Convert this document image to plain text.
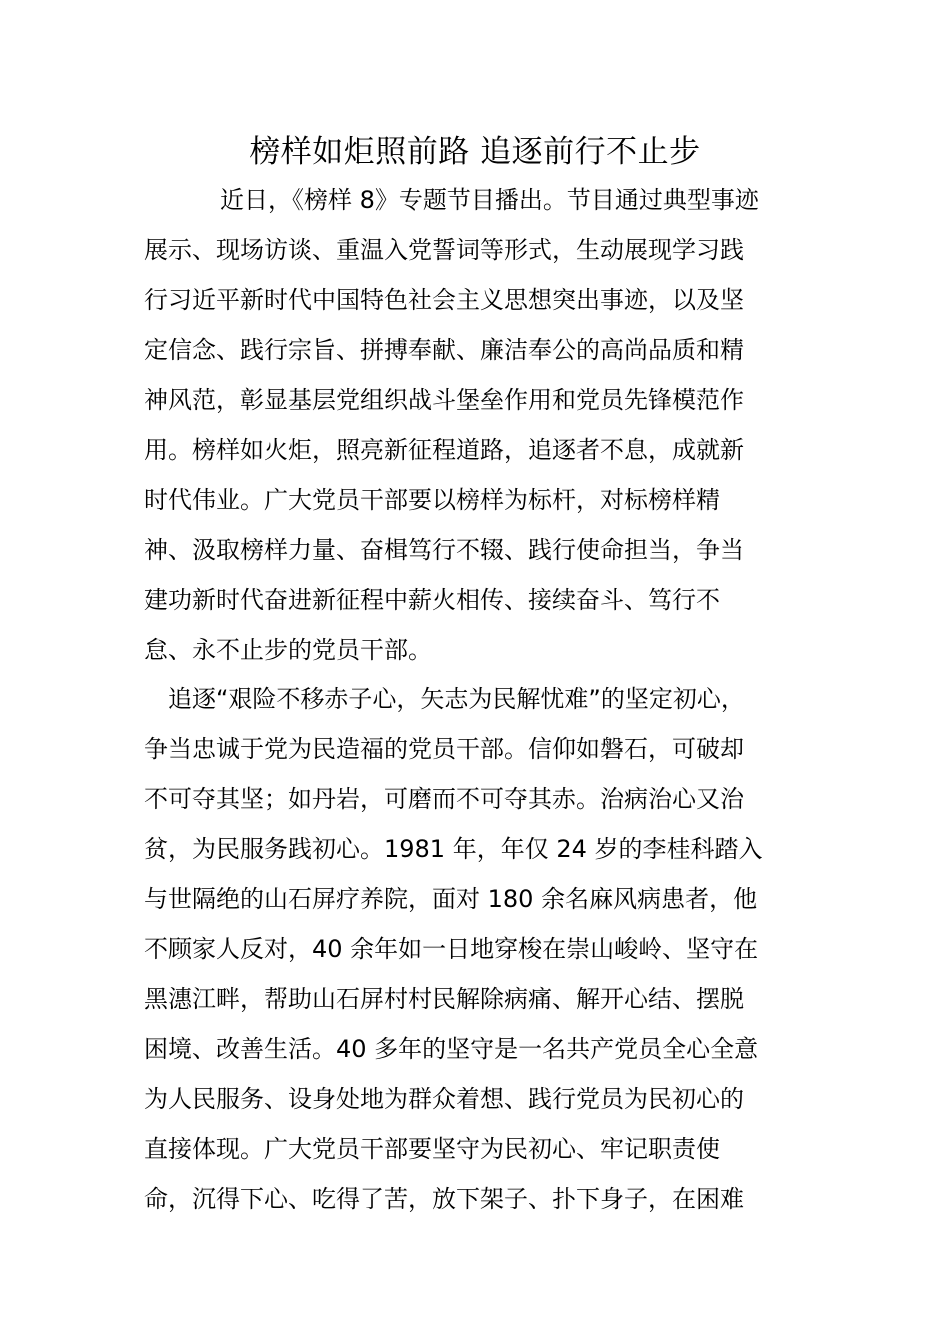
榜样如炬照前路 追逐前行不止步
近日，《榜样 8》专题节目播出。节目通过典型事迹
展示、现场访谈、重温入党誓词等形式，生动展现学习践
行习近平新时代中国特色社会主义思想突出事迹，以及坚
定信念、践行宗旨、拼搏奉献、廉洁奉公的高尚品质和精
神风范，彰显基层党组织战斗堡垒作用和党员先锋模范作
用。榜样如火炬，照亮新征程道路，追逐者不息，成就新
时代伟业。广大党员干部要以榜样为标杆，对标榜样精
神、汲取榜样力量、奋楫笃行不辍、践行使命担当，争当
建功新时代奋进新征程中薪火相传、接续奋斗、笃行不
怠、永不止步的党员干部。
追逐“艰险不移赤子心，矢志为民解忧难”的坚定初心，
争当忠诚于党为民造福的党员干部。信仰如磐石，可破却
不可夺其坚；如丹岩，可磨而不可夺其赤。治病治心又治
贫，为民服务践初心。1981 年，年仅 24 岁的李桂科踏入
与世隔绝的山石屏疗养院，面对 180 余名麻风病患者，他
不顾家人反对，40 余年如一日地穿梭在崇山峻岭、坚守在
黑潓江畔，帮助山石屏村村民解除病痛、解开心结、摆脱
困境、改善生活。40 多年的坚守是一名共产党员全心全意
为人民服务、设身处地为群众着想、践行党员为民初心的
直接体现。广大党员干部要坚守为民初心、牢记职责使
命，沉得下心、吃得了苦，放下架子、扑下身子，在困难
